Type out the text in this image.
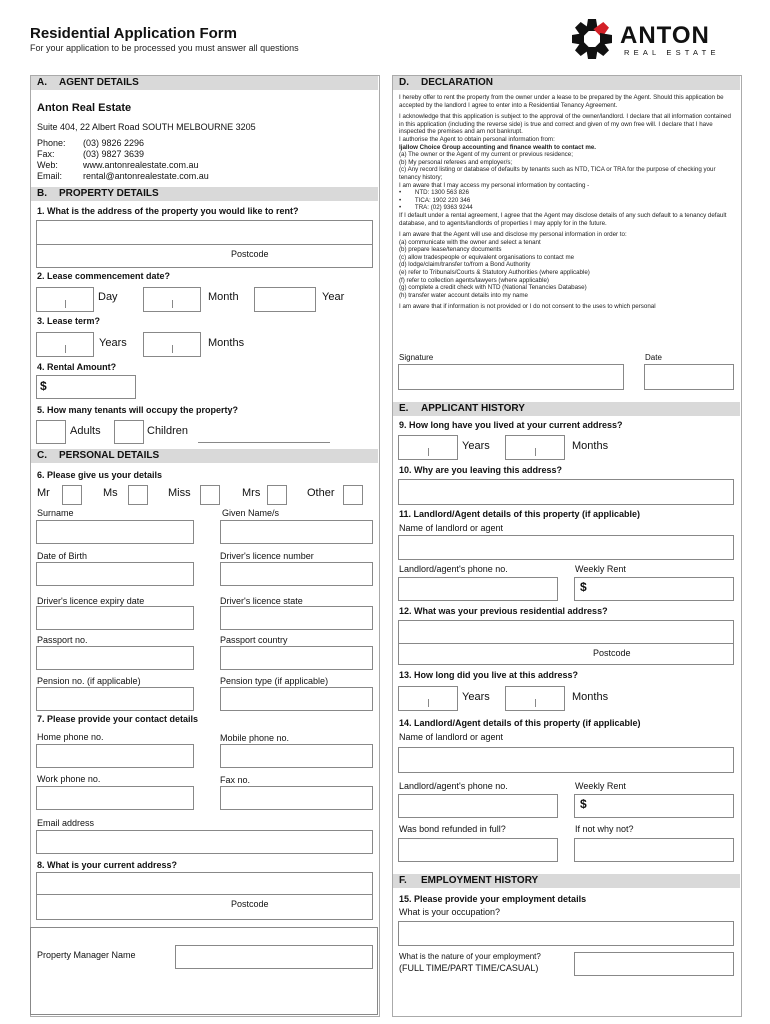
Residential Application Form
For your application to be processed you must answer all questions	ANTON
REAL ESTATE
A. AGENT DETAILS
Anton Real Estate
Suite 404, 22 Albert Road SOUTH MELBOURNE 3205
Phone: (03) 9826 2296
Fax:	(03) 9827 3639
Web:	www.antonrealestate.com.au
Email: rental@antonrealestate.com.au
B. PROPERTY DETAILS
1. What is the address of the property you would like to rent?
Postcode
2. Lease commencement date?
Day	Month	Year
3. Lease term?
Years	Months
4. Rental Amount?
$
5. How many tenants will occupy the property?
Adults	Children
C. PERSONAL DETAILS
6. Please give us your details
Mr	Ms	Miss	Mrs	Other
Surname	Given Name/s
Date of Birth	Driver's licence number
Driver's licence expiry date	Driver's licence state
Passport no.	Passport country
Pension no. (if applicable)	Pension type (if applicable)
7. Please provide your contact details
Home phone no.	Mobile phone no.
Work phone no.	Fax no.
Email address
8. What is your current address?
Postcode
Property Manager Name
D. DECLARATION

I hereby offer to rent the property from the owner under a lease to be prepared by the Agent. Should this application be accepted by the landlord I agree to enter into a Residential Tenancy Agreement.

I acknowledge that this application is subject to the approval of the owner/landlord. I declare that all information contained in this application (including the reverse side) is true and correct and given of my own free will. I declare that I have inspected the premises and am not bankrupt.

I authorise the Agent to obtain personal information from:

Ijallow Choice Group accounting and finance wealth to contact me.

(a) The owner or the Agent of my current or previous residence;

(b) My personal referees and employer/s;

(c) Any record listing or database of defaults by tenants such as NTD, TICA or TRA for the purpose of checking your tenancy history;

I am aware that I may access my personal information by contacting -

•        NTD: 1300 563 826

•        TICA: 1902 220 346

•        TRA: (02) 9363 9244

If I default under a rental agreement, I agree that the Agent may disclose details of any such default to a tenancy default database, and to agents/landlords of properties I may apply for in the future.

I am aware that the Agent will use and disclose my personal information in order to:

(a) communicate with the owner and select a tenant

(b) prepare lease/tenancy documents

(c) allow tradespeople or equivalent organisations to contact me

(d) lodge/claim/transfer to/from a Bond Authority

(e) refer to Tribunals/Courts & Statutory Authorities (where applicable)

(f) refer to collection agents/lawyers (where applicable)

(g) complete a credit check with NTD (National Tenancies Database)

(h) transfer water account details into my name

I am aware that if information is not provided or I do not consent to the uses to which personal

Signature	Date
E. APPLICANT HISTORY
9. How long have you lived at your current address?
Years	Months
10. Why are you leaving this address?
11. Landlord/Agent details of this property (if applicable)
Name of landlord or agent
Landlord/agent's phone no.	Weekly Rent
$
12. What was your previous residential address?
Postcode
13. How long did you live at this address?
Years	Months
14. Landlord/Agent details of this property (if applicable)
Name of landlord or agent
Landlord/agent's phone no.	Weekly Rent
$
Was bond refunded in full?	If not why not?
F. EMPLOYMENT HISTORY
15. Please provide your employment details
What is your occupation?
What is the nature of your employment?
(FULL TIME/PART TIME/CASUAL)
